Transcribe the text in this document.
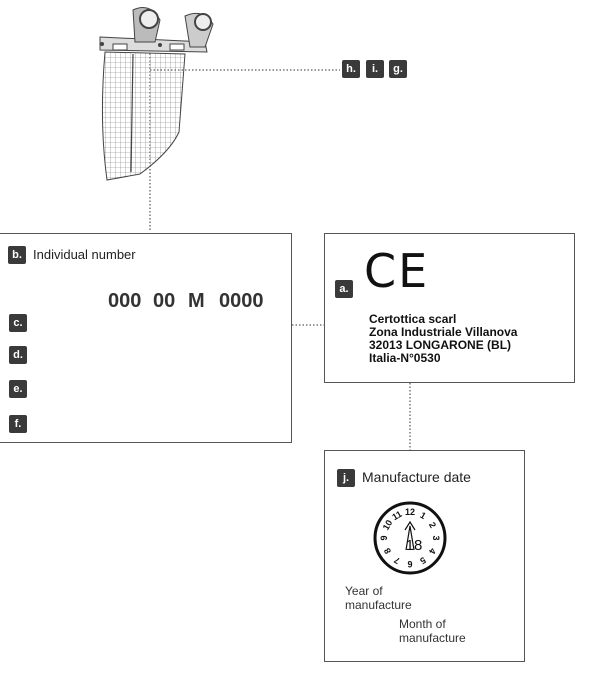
h.	i.	g.
b. Individual number
000 00 M 0000
c.
d.
e.
f.
a. CE
Certottica scarl
Zona Industriale Villanova
32013 LONGARONE (BL)
Italia-N°0530
j. Manufacture date
1
2
3
4
5
6
7
8
9
10
11 12
18
Year of
manufacture
Month of
manufacture
